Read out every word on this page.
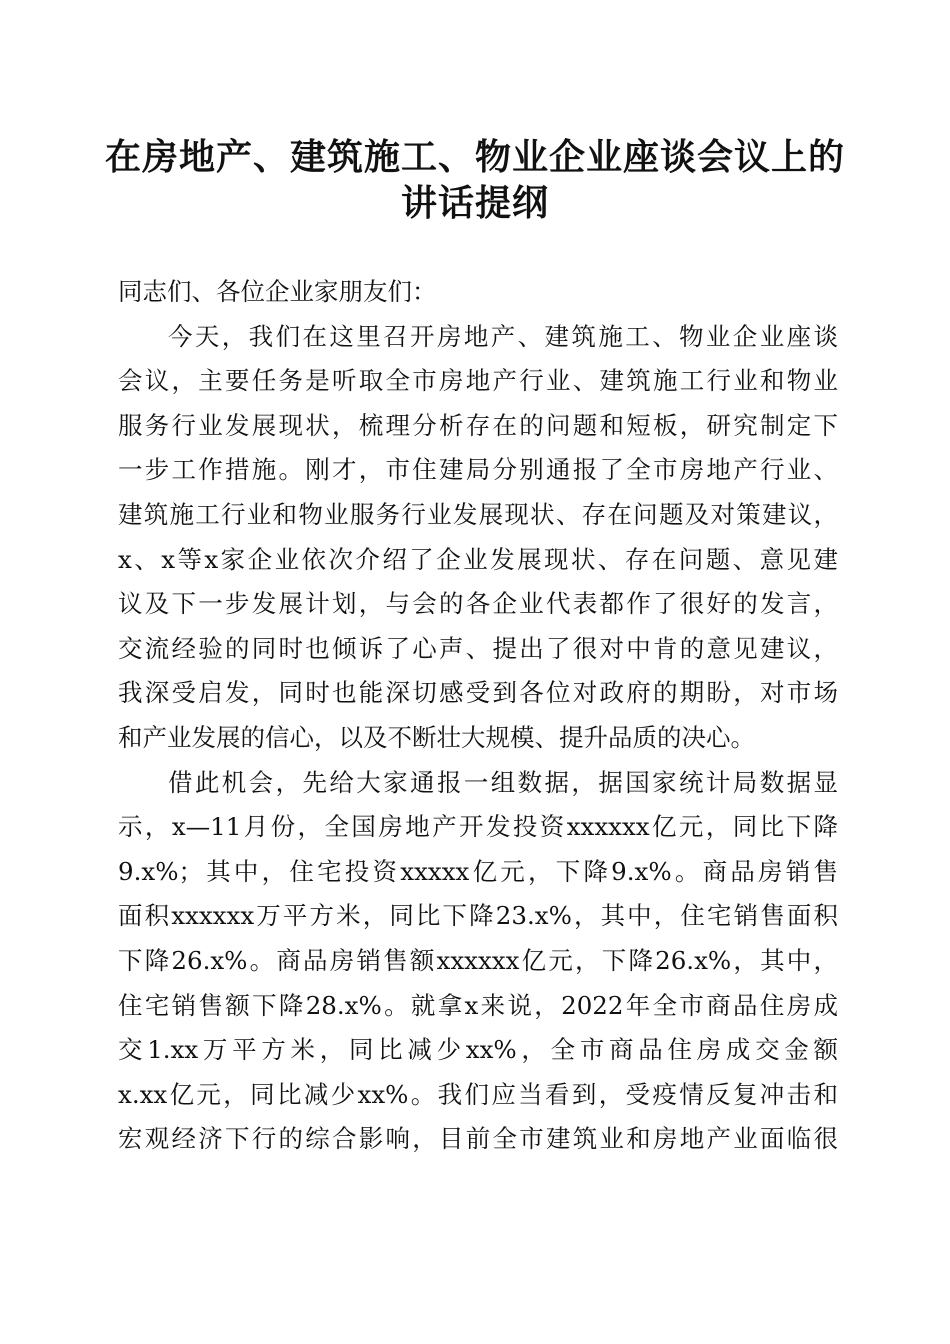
在房地产、建筑施工、物业企业座谈会议上的
讲话提纲
同志们、各位企业家朋友们：
今天，我们在这里召开房地产、建筑施工、物业企业座谈
会议，主要任务是听取全市房地产行业、建筑施工行业和物业
服务行业发展现状，梳理分析存在的问题和短板，研究制定下
一步工作措施。刚才，市住建局分别通报了全市房地产行业、
建筑施工行业和物业服务行业发展现状、存在问题及对策建议，
x、x等x家企业依次介绍了企业发展现状、存在问题、意见建
议及下一步发展计划，与会的各企业代表都作了很好的发言，
交流经验的同时也倾诉了心声、提出了很对中肯的意见建议，
我深受启发，同时也能深切感受到各位对政府的期盼，对市场
和产业发展的信心，以及不断壮大规模、提升品质的决心。
借此机会，先给大家通报一组数据，据国家统计局数据显
示，x—11月份，全国房地产开发投资xxxxxx亿元，同比下降
9.x%；其中，住宅投资xxxxx亿元，下降9.x%。商品房销售
面积xxxxxx万平方米，同比下降23.x%，其中，住宅销售面积
下降26.x%。商品房销售额xxxxxx亿元，下降26.x%，其中，
住宅销售额下降28.x%。就拿x来说，2022年全市商品住房成
交1.xx万平方米，同比减少xx%，全市商品住房成交金额
x.xx亿元，同比减少xx%。我们应当看到，受疫情反复冲击和
宏观经济下行的综合影响，目前全市建筑业和房地产业面临很
